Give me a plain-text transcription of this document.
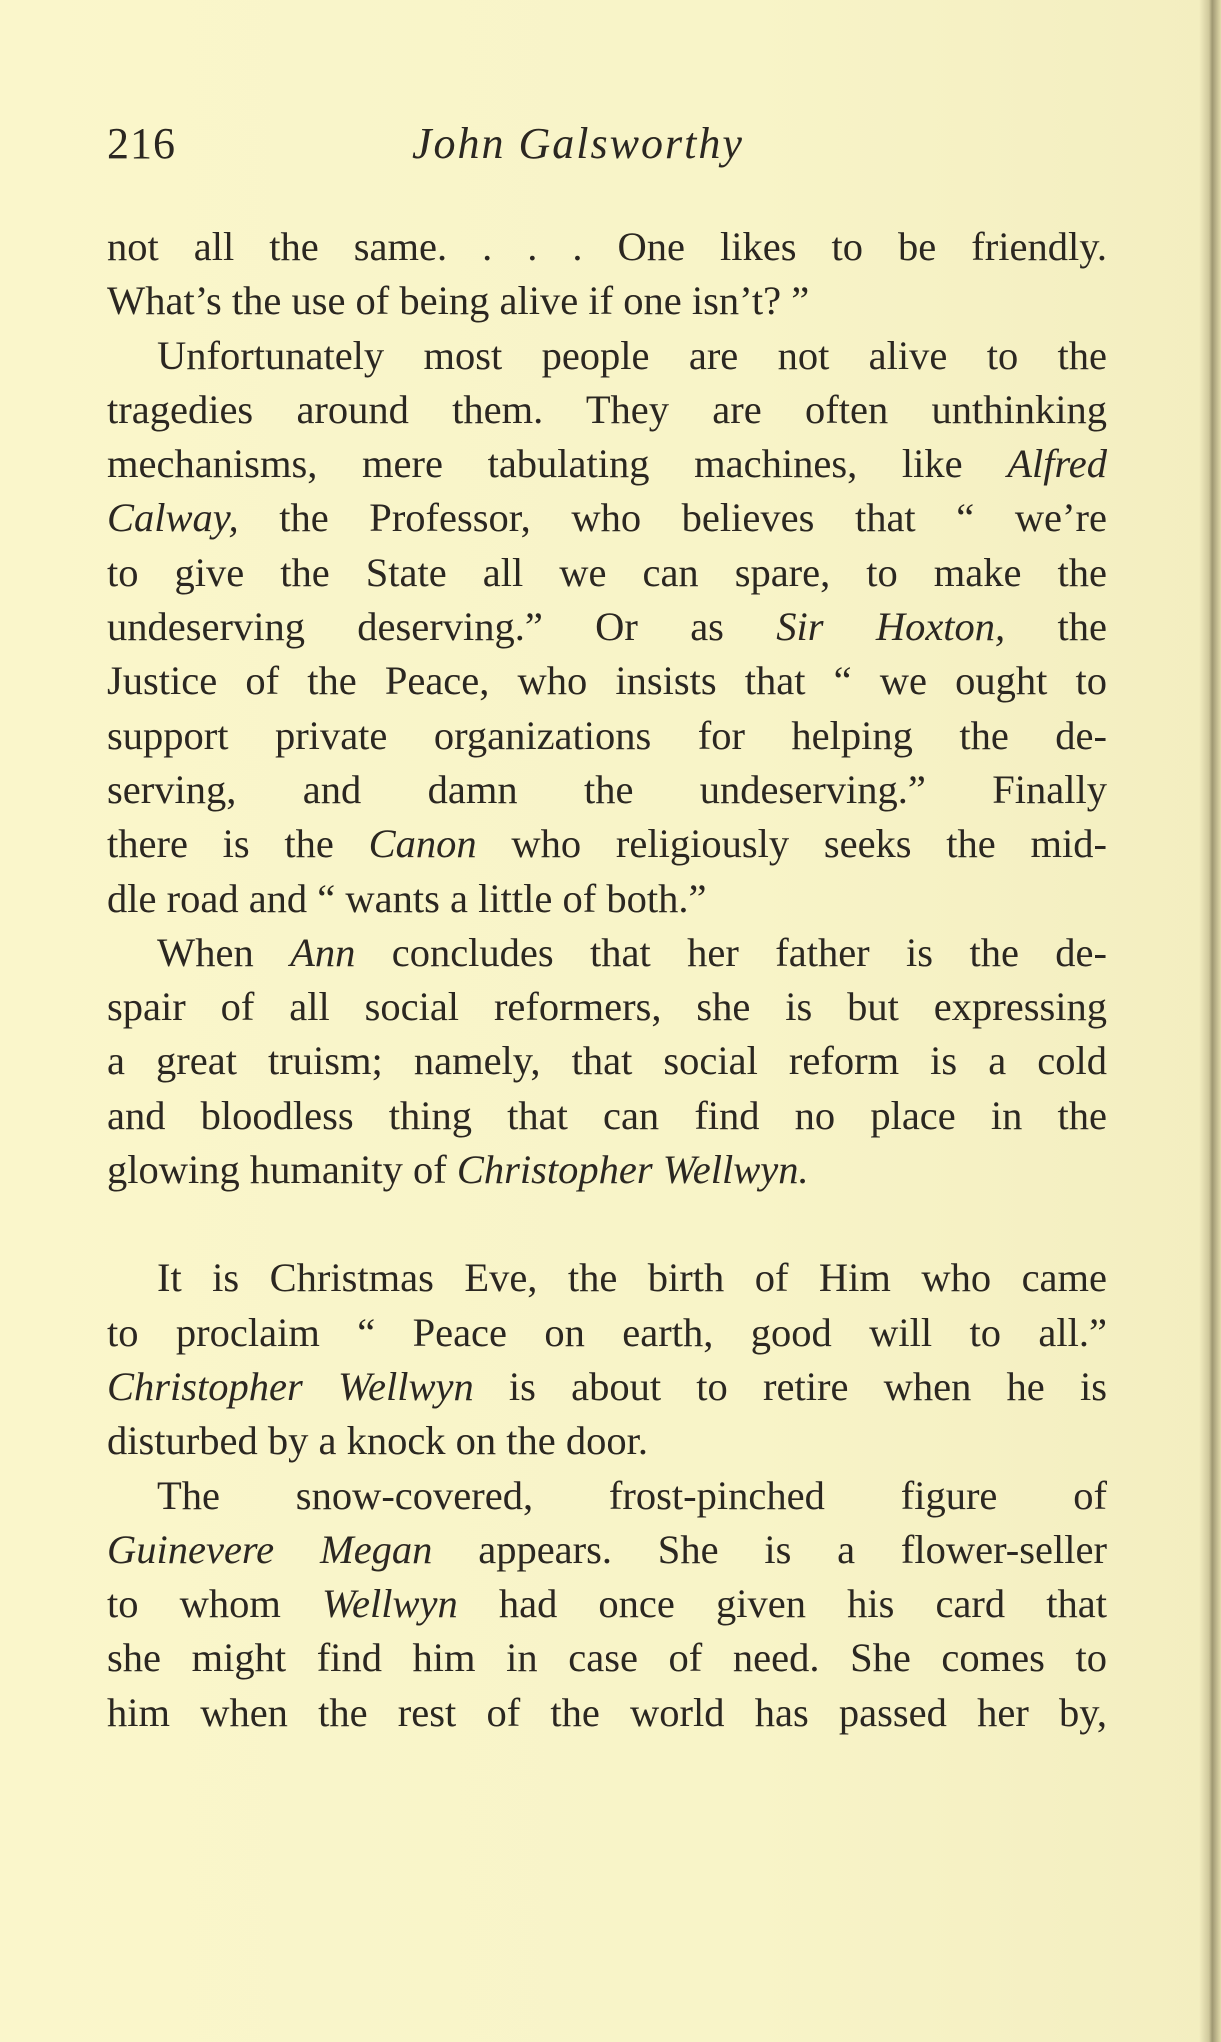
216	John Galsworthy
not all the same. . . . One likes to be friendly.
What’s the use of being alive if one isn’t? ”
Unfortunately most people are not alive to the
tragedies around them. They are often unthinking
mechanisms, mere tabulating machines, like Alfred
Calway, the Professor, who believes that “ we’re
to give the State all we can spare, to make the
undeserving deserving.” Or as Sir Hoxton, the
Justice of the Peace, who insists that “ we ought to
support private organizations for helping the de-
serving, and damn the undeserving.” Finally
there is the Canon who religiously seeks the mid-
dle road and “ wants a little of both.”
When Ann concludes that her father is the de-
spair of all social reformers, she is but expressing
a great truism; namely, that social reform is a cold
and bloodless thing that can find no place in the
glowing humanity of Christopher Wellwyn.
It is Christmas Eve, the birth of Him who came
to proclaim “ Peace on earth, good will to all.”
Christopher Wellwyn is about to retire when he is
disturbed by a knock on the door.
The snow-covered, frost-pinched figure of
Guinevere Megan appears. She is a flower-seller
to whom Wellwyn had once given his card that
she might find him in case of need. She comes to
him when the rest of the world has passed her by,
